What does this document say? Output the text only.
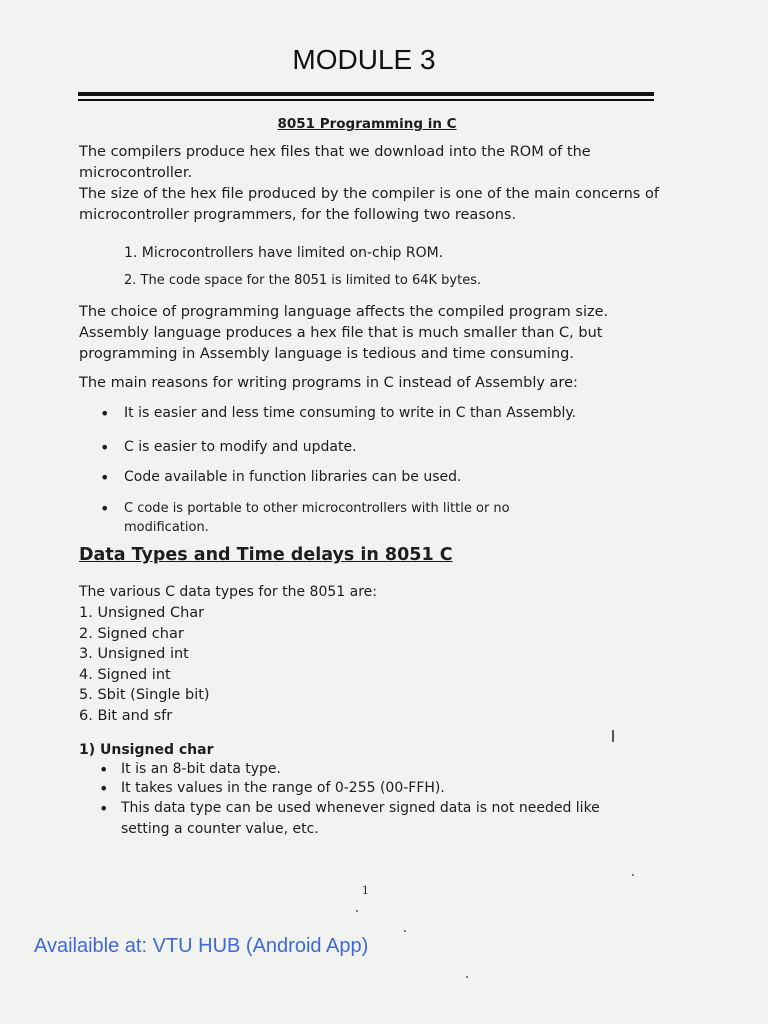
MODULE 3
8051 Programming in C

The compilers produce hex files that we download into the ROM of the microcontroller.

The size of the hex file produced by the compiler is one of the main concerns of microcontroller programmers, for the following two reasons.

1. Microcontrollers have limited on-chip ROM.
2. The code space for the 8051 is limited to 64K bytes.

The choice of programming language affects the compiled program size. Assembly language produces a hex file that is much smaller than C, but programming in Assembly language is tedious and time consuming.

The main reasons for writing programs in C instead of Assembly are:

• It is easier and less time consuming to write in C than Assembly.
• C is easier to modify and update.
• Code available in function libraries can be used.
• C code is portable to other microcontrollers with little or no modification.
Data Types and Time delays in 8051 C
The various C data types for the 8051 are:
1. Unsigned Char
2. Signed char
3. Unsigned int
4. Signed int
5. Sbit (Single bit)
6. Bit and sfr
1) Unsigned char
• It is an 8-bit data type.
• It takes values in the range of 0-255 (00-FFH).
• This data type can be used whenever signed data is not needed like setting a counter value, etc.
1
Availaible at: VTU HUB (Android App)
